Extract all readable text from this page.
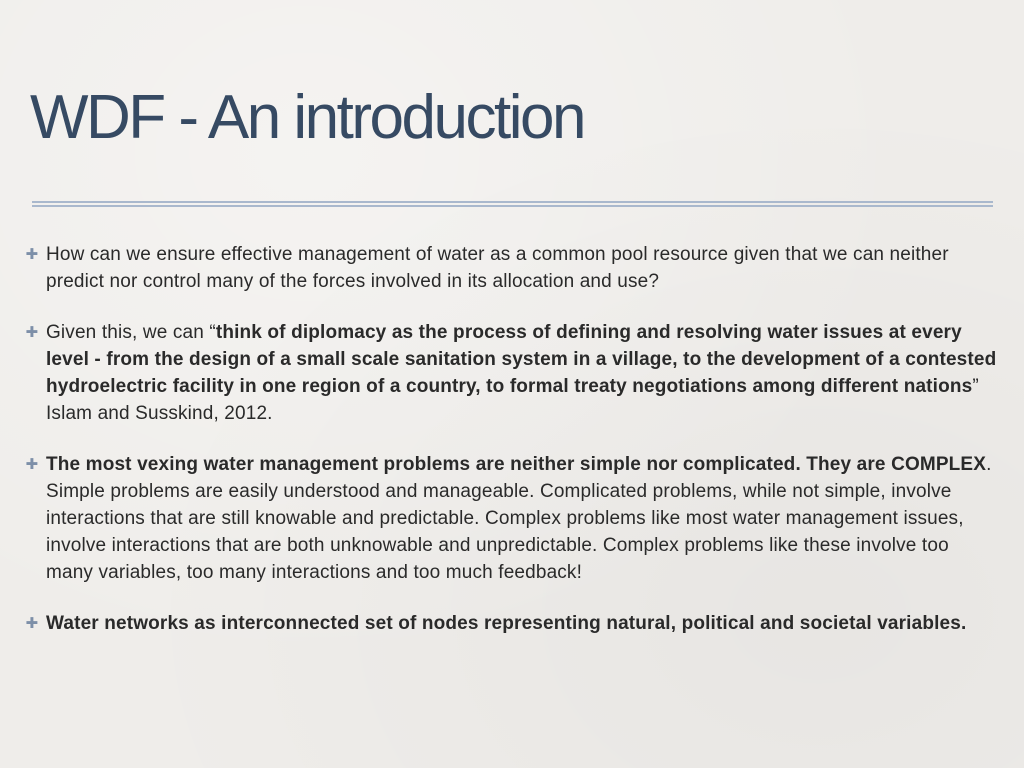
WDF - An introduction
✚ How can we ensure effective management of water as a common pool resource given that we can neither predict nor control many of the forces involved in its allocation and use?
✚ Given this, we can “think of diplomacy as the process of defining and resolving water issues at every level - from the design of a small scale sanitation system in a village, to the development of a contested hydroelectric facility in one region of a country, to formal treaty negotiations among different nations” Islam and Susskind, 2012.
✚ The most vexing water management problems are neither simple nor complicated. They are COMPLEX. Simple problems are easily understood and manageable. Complicated problems, while not simple, involve interactions that are still knowable and predictable. Complex problems like most water management issues, involve interactions that are both unknowable and unpredictable. Complex problems like these involve too many variables, too many interactions and too much feedback!
✚ Water networks as interconnected set of nodes representing natural, political and societal variables.
